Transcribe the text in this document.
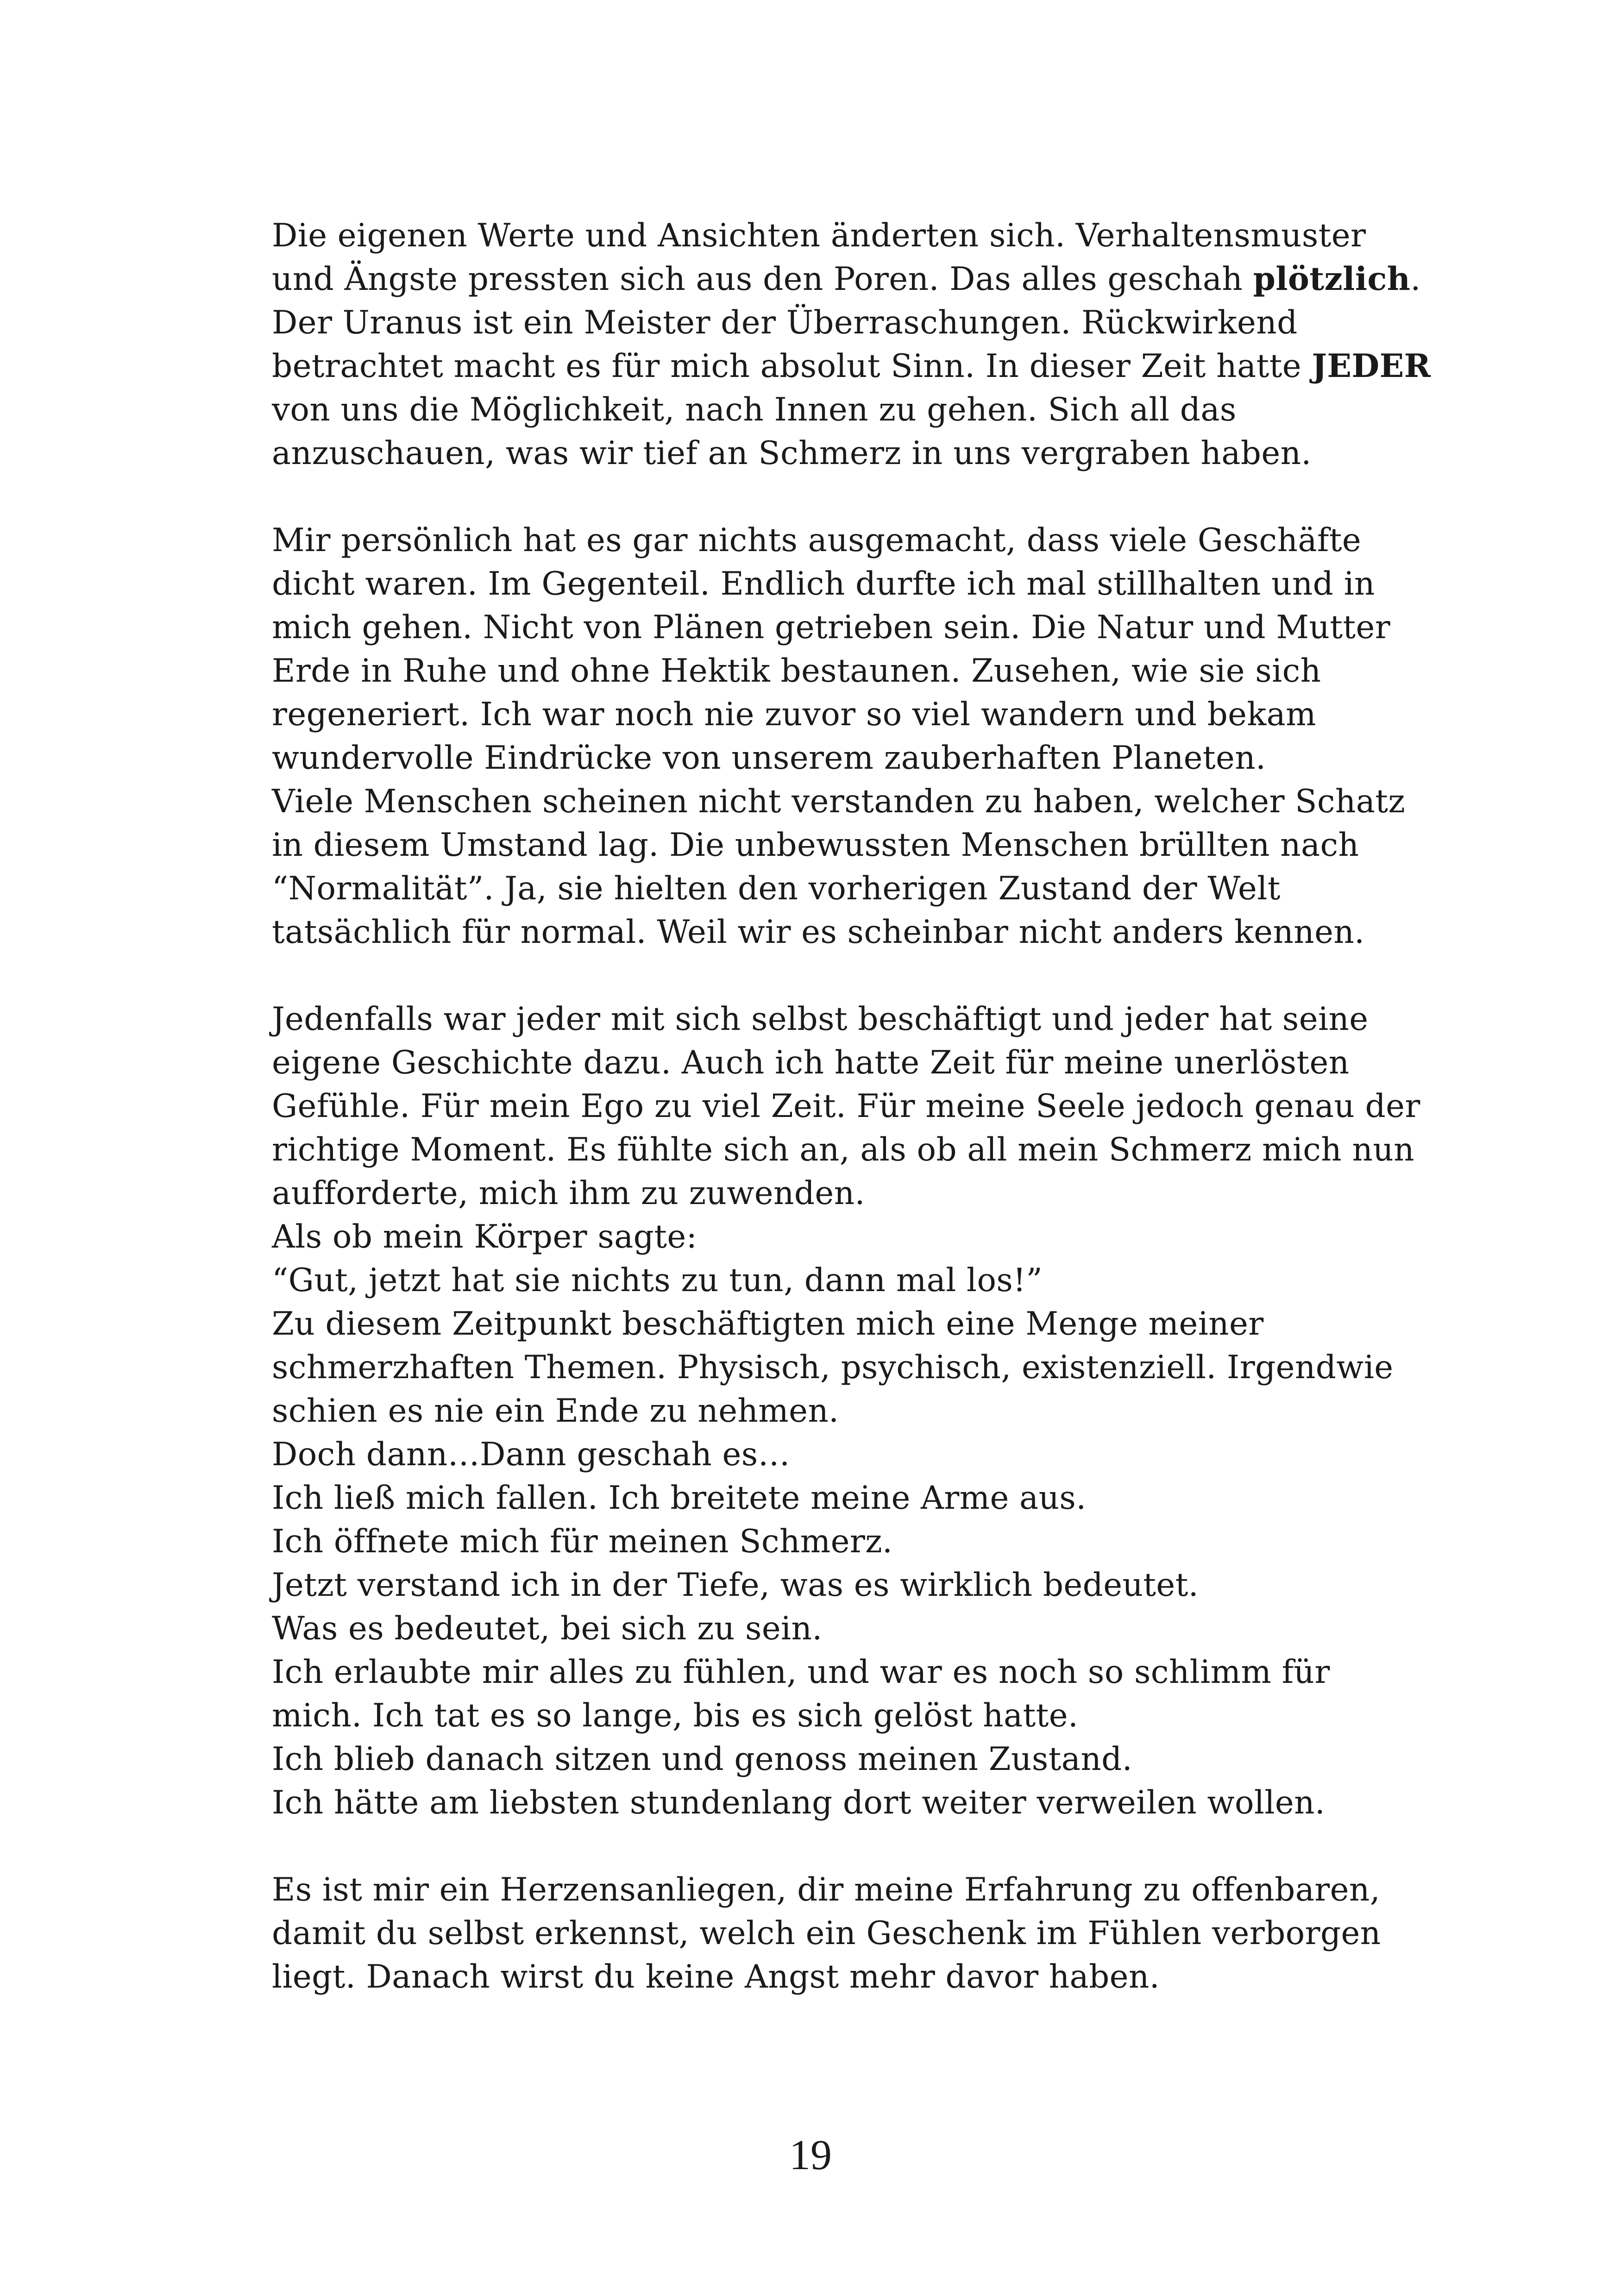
Die eigenen Werte und Ansichten änderten sich. Verhaltensmuster
und Ängste pressten sich aus den Poren. Das alles geschah plötzlich.
Der Uranus ist ein Meister der Überraschungen. Rückwirkend
betrachtet macht es für mich absolut Sinn. In dieser Zeit hatte JEDER
von uns die Möglichkeit, nach Innen zu gehen. Sich all das
anzuschauen, was wir tief an Schmerz in uns vergraben haben.
Mir persönlich hat es gar nichts ausgemacht, dass viele Geschäfte
dicht waren. Im Gegenteil. Endlich durfte ich mal stillhalten und in
mich gehen. Nicht von Plänen getrieben sein. Die Natur und Mutter
Erde in Ruhe und ohne Hektik bestaunen. Zusehen, wie sie sich
regeneriert. Ich war noch nie zuvor so viel wandern und bekam
wundervolle Eindrücke von unserem zauberhaften Planeten.
Viele Menschen scheinen nicht verstanden zu haben, welcher Schatz
in diesem Umstand lag. Die unbewussten Menschen brüllten nach
“Normalität”. Ja, sie hielten den vorherigen Zustand der Welt
tatsächlich für normal. Weil wir es scheinbar nicht anders kennen.
Jedenfalls war jeder mit sich selbst beschäftigt und jeder hat seine
eigene Geschichte dazu. Auch ich hatte Zeit für meine unerlösten
Gefühle. Für mein Ego zu viel Zeit. Für meine Seele jedoch genau der
richtige Moment. Es fühlte sich an, als ob all mein Schmerz mich nun
aufforderte, mich ihm zu zuwenden.
Als ob mein Körper sagte:
“Gut, jetzt hat sie nichts zu tun, dann mal los!”
Zu diesem Zeitpunkt beschäftigten mich eine Menge meiner
schmerzhaften Themen. Physisch, psychisch, existenziell. Irgendwie
schien es nie ein Ende zu nehmen.
Doch dann…Dann geschah es…
Ich ließ mich fallen. Ich breitete meine Arme aus.
Ich öffnete mich für meinen Schmerz.
Jetzt verstand ich in der Tiefe, was es wirklich bedeutet.
Was es bedeutet, bei sich zu sein.
Ich erlaubte mir alles zu fühlen, und war es noch so schlimm für
mich. Ich tat es so lange, bis es sich gelöst hatte.
Ich blieb danach sitzen und genoss meinen Zustand.
Ich hätte am liebsten stundenlang dort weiter verweilen wollen.
Es ist mir ein Herzensanliegen, dir meine Erfahrung zu offenbaren,
damit du selbst erkennst, welch ein Geschenk im Fühlen verborgen
liegt. Danach wirst du keine Angst mehr davor haben.
19
